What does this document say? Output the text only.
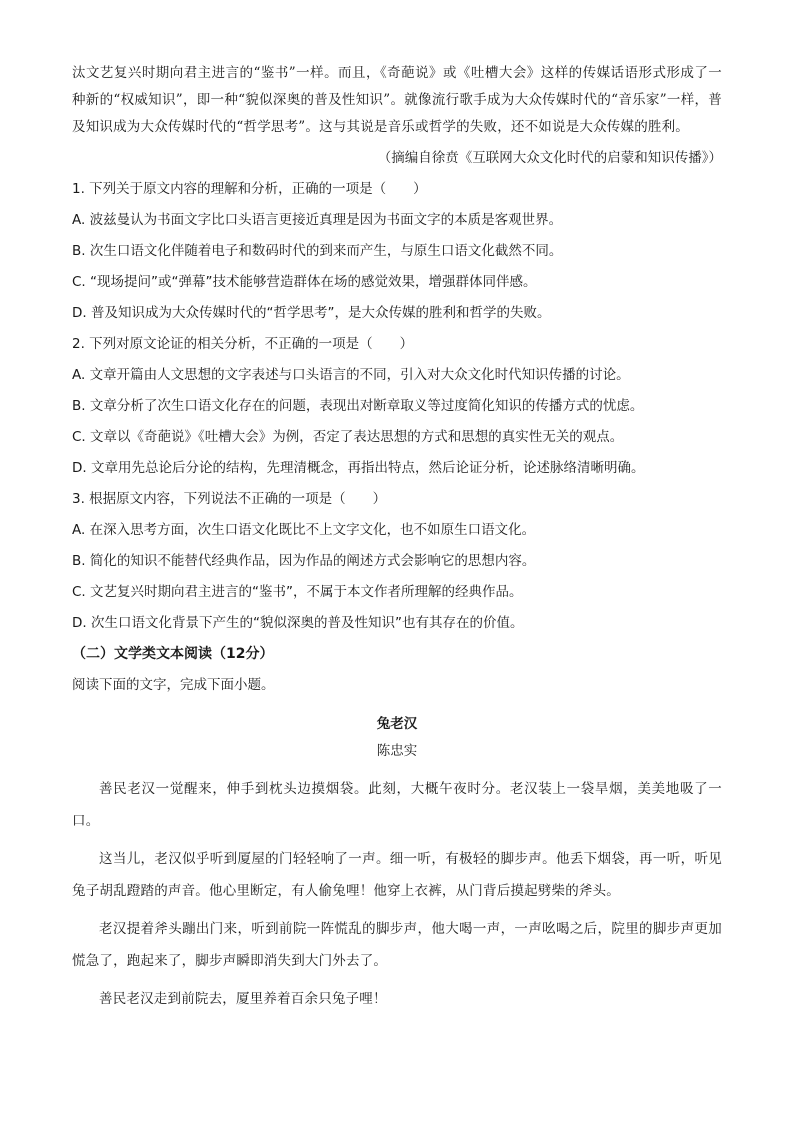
汰文艺复兴时期向君主进言的“鉴书”一样。而且，《奇葩说》或《吐槽大会》这样的传媒话语形式形成了一种新的“权威知识”，即一种“貌似深奥的普及性知识”。就像流行歌手成为大众传媒时代的“音乐家”一样，普及知识成为大众传媒时代的“哲学思考”。这与其说是音乐或哲学的失败，还不如说是大众传媒的胜利。

（摘编自徐贲《互联网大众文化时代的启蒙和知识传播》）

1. 下列关于原文内容的理解和分析，正确的一项是（　　）

A. 波兹曼认为书面文字比口头语言更接近真理是因为书面文字的本质是客观世界。

B. 次生口语文化伴随着电子和数码时代的到来而产生，与原生口语文化截然不同。

C. “现场提问”或“弹幕”技术能够营造群体在场的感觉效果，增强群体同伴感。

D. 普及知识成为大众传媒时代的“哲学思考”，是大众传媒的胜利和哲学的失败。

2. 下列对原文论证的相关分析，不正确的一项是（　　）

A. 文章开篇由人文思想的文字表述与口头语言的不同，引入对大众文化时代知识传播的讨论。

B. 文章分析了次生口语文化存在的问题，表现出对断章取义等过度简化知识的传播方式的忧虑。

C. 文章以《奇葩说》《吐槽大会》为例，否定了表达思想的方式和思想的真实性无关的观点。

D. 文章用先总论后分论的结构，先理清概念，再指出特点，然后论证分析，论述脉络清晰明确。

3. 根据原文内容，下列说法不正确的一项是（　　）

A. 在深入思考方面，次生口语文化既比不上文字文化，也不如原生口语文化。

B. 简化的知识不能替代经典作品，因为作品的阐述方式会影响它的思想内容。

C. 文艺复兴时期向君主进言的“鉴书”，不属于本文作者所理解的经典作品。

D. 次生口语文化背景下产生的“貌似深奥的普及性知识”也有其存在的价值。

（二）文学类文本阅读（12分）

阅读下面的文字，完成下面小题。

兔老汉

陈忠实

善民老汉一觉醒来，伸手到枕头边摸烟袋。此刻，大概午夜时分。老汉装上一袋旱烟，美美地吸了一口。

这当儿，老汉似乎听到厦屋的门轻轻响了一声。细一听，有极轻的脚步声。他丢下烟袋，再一听，听见兔子胡乱蹬踏的声音。他心里断定，有人偷兔哩！他穿上衣裤，从门背后摸起劈柴的斧头。

老汉提着斧头蹦出门来，听到前院一阵慌乱的脚步声，他大喝一声，一声吆喝之后，院里的脚步声更加慌急了，跑起来了，脚步声瞬即消失到大门外去了。

善民老汉走到前院去，厦里养着百余只兔子哩！
